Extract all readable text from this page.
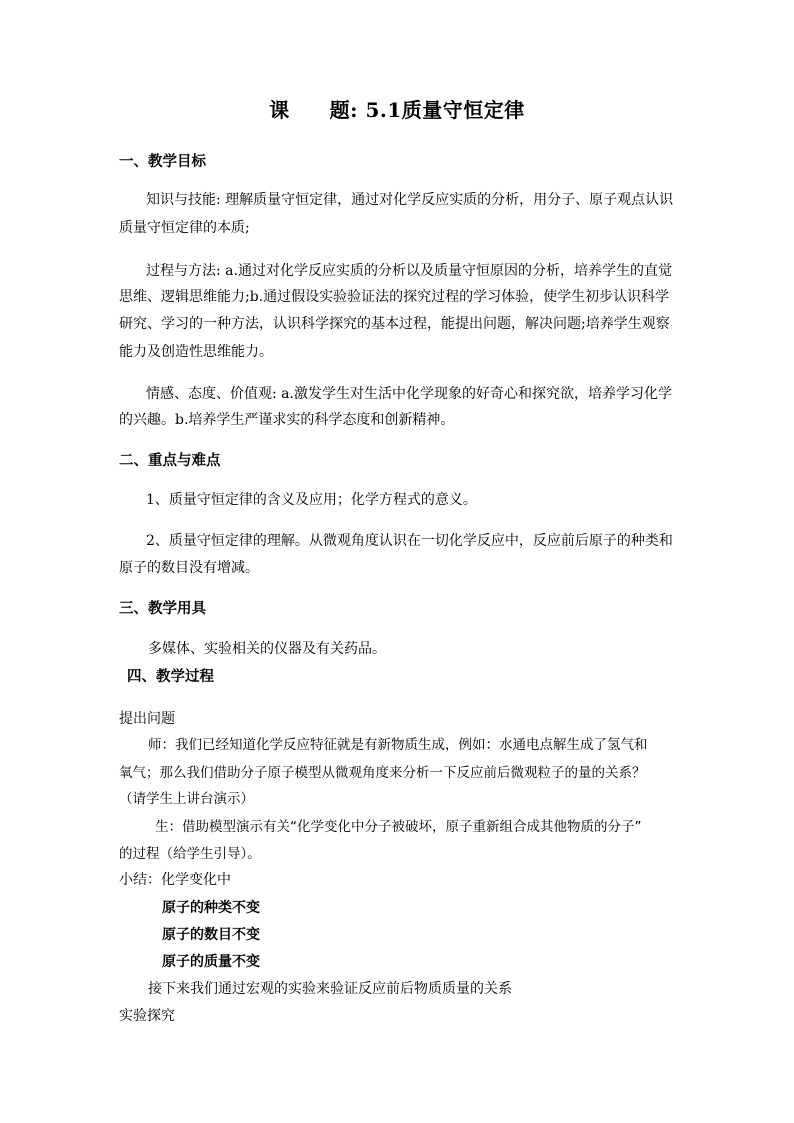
课 题: 5.1质量守恒定律
一、教学目标
知识与技能: 理解质量守恒定律，通过对化学反应实质的分析，用分子、原子观点认识
质量守恒定律的本质;
过程与方法: a.通过对化学反应实质的分析以及质量守恒原因的分析，培养学生的直觉
思维、逻辑思维能力;b.通过假设实验验证法的探究过程的学习体验，使学生初步认识科学
研究、学习的一种方法，认识科学探究的基本过程，能提出问题，解决问题;培养学生观察
能力及创造性思维能力。
情感、态度、价值观: a.激发学生对生活中化学现象的好奇心和探究欲，培养学习化学
的兴趣。b.培养学生严谨求实的科学态度和创新精神。
二、重点与难点
1、质量守恒定律的含义及应用；化学方程式的意义。
2、质量守恒定律的理解。从微观角度认识在一切化学反应中，反应前后原子的种类和
原子的数目没有增减。
三、教学用具
多媒体、实验相关的仪器及有关药品。
四、教学过程
提出问题
师：我们已经知道化学反应特征就是有新物质生成，例如：水通电点解生成了氢气和
氧气；那么我们借助分子原子模型从微观角度来分析一下反应前后微观粒子的量的关系？
（请学生上讲台演示）
生：借助模型演示有关“化学变化中分子被破坏，原子重新组合成其他物质的分子”
的过程（给学生引导）。
小结：化学变化中
原子的种类不变
原子的数目不变
原子的质量不变
接下来我们通过宏观的实验来验证反应前后物质质量的关系
实验探究
